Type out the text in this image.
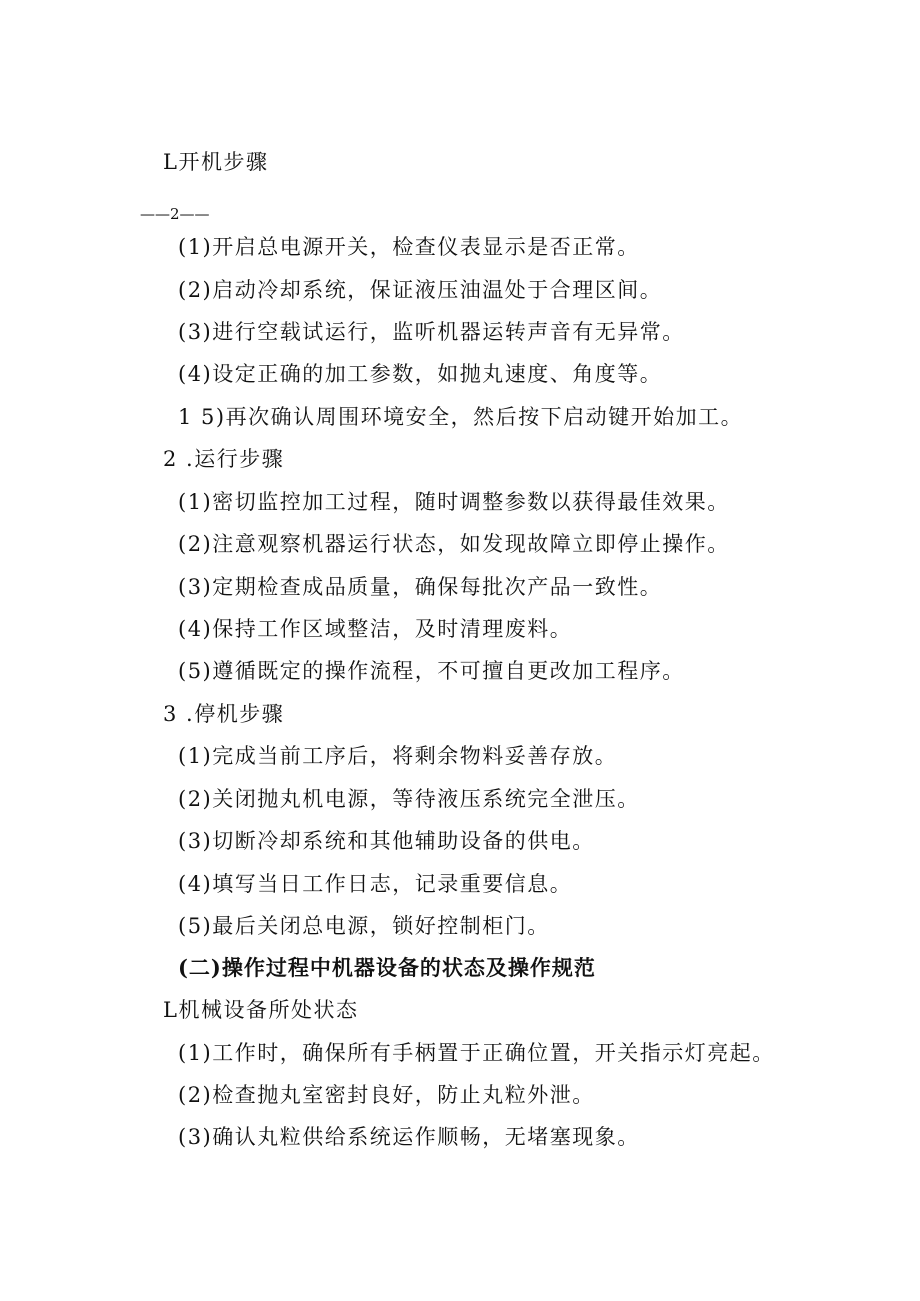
L开机步骤
——2——
(1)开启总电源开关，检查仪表显示是否正常。
(2)启动冷却系统，保证液压油温处于合理区间。
(3)进行空载试运行，监听机器运转声音有无异常。
(4)设定正确的加工参数，如抛丸速度、角度等。
1 5)再次确认周围环境安全，然后按下启动键开始加工。
2 .运行步骤
(1)密切监控加工过程，随时调整参数以获得最佳效果。
(2)注意观察机器运行状态，如发现故障立即停止操作。
(3)定期检查成品质量，确保每批次产品一致性。
(4)保持工作区域整洁，及时清理废料。
(5)遵循既定的操作流程，不可擅自更改加工程序。
3 .停机步骤
(1)完成当前工序后，将剩余物料妥善存放。
(2)关闭抛丸机电源，等待液压系统完全泄压。
(3)切断冷却系统和其他辅助设备的供电。
(4)填写当日工作日志，记录重要信息。
(5)最后关闭总电源，锁好控制柜门。
(二)操作过程中机器设备的状态及操作规范
L机械设备所处状态
(1)工作时，确保所有手柄置于正确位置，开关指示灯亮起。
(2)检查抛丸室密封良好，防止丸粒外泄。
(3)确认丸粒供给系统运作顺畅，无堵塞现象。
